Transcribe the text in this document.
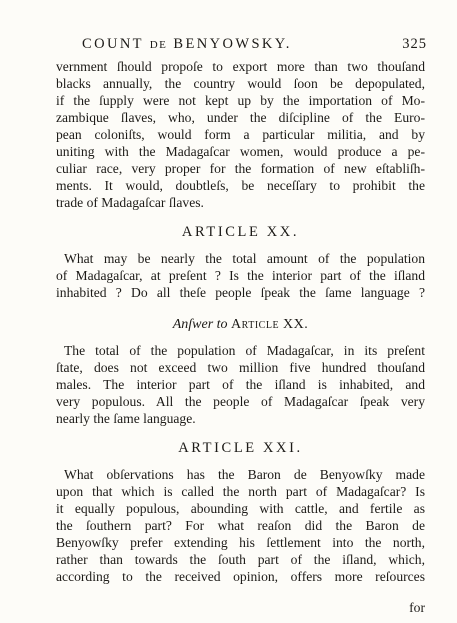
COUNT DE BENYOWSKY.	325
vernment ſhould propoſe to export more than two thouſand
blacks annually, the country would ſoon be depopulated,
if the ſupply were not kept up by the importation of Mo-
zambique ſlaves, who, under the diſcipline of the Euro-
pean coloniſts, would form a particular militia, and by
uniting with the Madagaſcar women, would produce a pe-
culiar race, very proper for the formation of new eſtabliſh-
ments. It would, doubtleſs, be neceſſary to prohibit the
trade of Madagaſcar ſlaves.
ARTICLE XX.
What may be nearly the total amount of the population
of Madagaſcar, at preſent ? Is the interior part of the iſland
inhabited ? Do all theſe people ſpeak the ſame language ?
Anſwer to Article XX.
The total of the population of Madagaſcar, in its preſent
ſtate, does not exceed two million five hundred thouſand
males. The interior part of the iſland is inhabited, and
very populous. All the people of Madagaſcar ſpeak very
nearly the ſame language.
ARTICLE XXI.
What obſervations has the Baron de Benyowſky made
upon that which is called the north part of Madagaſcar? Is
it equally populous, abounding with cattle, and fertile as
the ſouthern part? For what reaſon did the Baron de
Benyowſky prefer extending his ſettlement into the north,
rather than towards the ſouth part of the iſland, which,
according to the received opinion, offers more reſources
for
